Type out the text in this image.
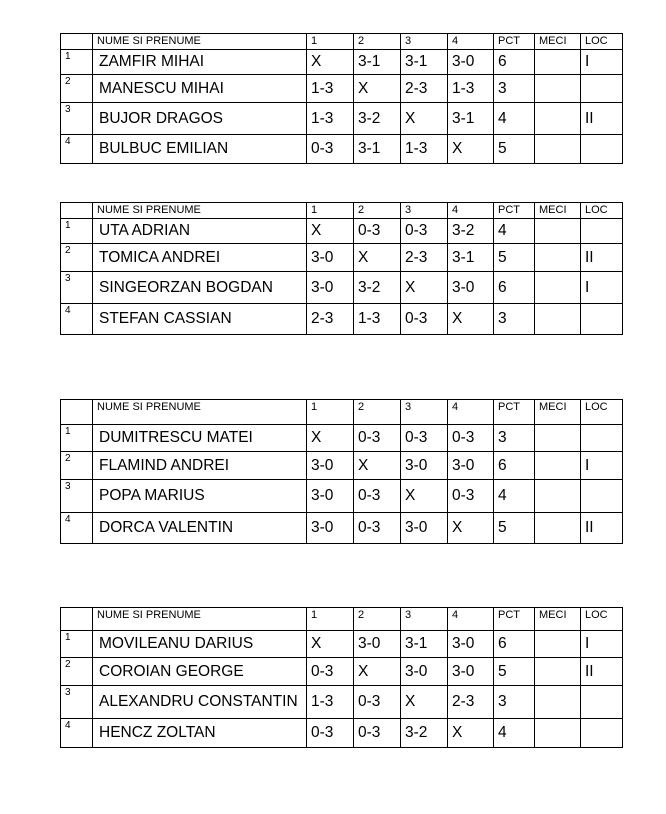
	NUME SI PRENUME	1	2	3	4	PCT	MECI	LOC
1	ZAMFIR MIHAI	X	3-1	3-1	3-0	6		I
2	MANESCU MIHAI	1-3	X	2-3	1-3	3		
3	BUJOR DRAGOS	1-3	3-2	X	3-1	4		II
4	BULBUC EMILIAN	0-3	3-1	1-3	X	5		
	NUME SI PRENUME	1	2	3	4	PCT	MECI	LOC
1	UTA ADRIAN	X	0-3	0-3	3-2	4		
2	TOMICA ANDREI	3-0	X	2-3	3-1	5		II
3	SINGEORZAN BOGDAN	3-0	3-2	X	3-0	6		I
4	STEFAN CASSIAN	2-3	1-3	0-3	X	3		
	NUME SI PRENUME	1	2	3	4	PCT	MECI	LOC
1	DUMITRESCU MATEI	X	0-3	0-3	0-3	3		
2	FLAMIND ANDREI	3-0	X	3-0	3-0	6		I
3	POPA MARIUS	3-0	0-3	X	0-3	4		
4	DORCA VALENTIN	3-0	0-3	3-0	X	5		II
	NUME SI PRENUME	1	2	3	4	PCT	MECI	LOC
1	MOVILEANU DARIUS	X	3-0	3-1	3-0	6		I
2	COROIAN GEORGE	0-3	X	3-0	3-0	5		II
3	ALEXANDRU CONSTANTIN	1-3	0-3	X	2-3	3		
4	HENCZ ZOLTAN	0-3	0-3	3-2	X	4		
